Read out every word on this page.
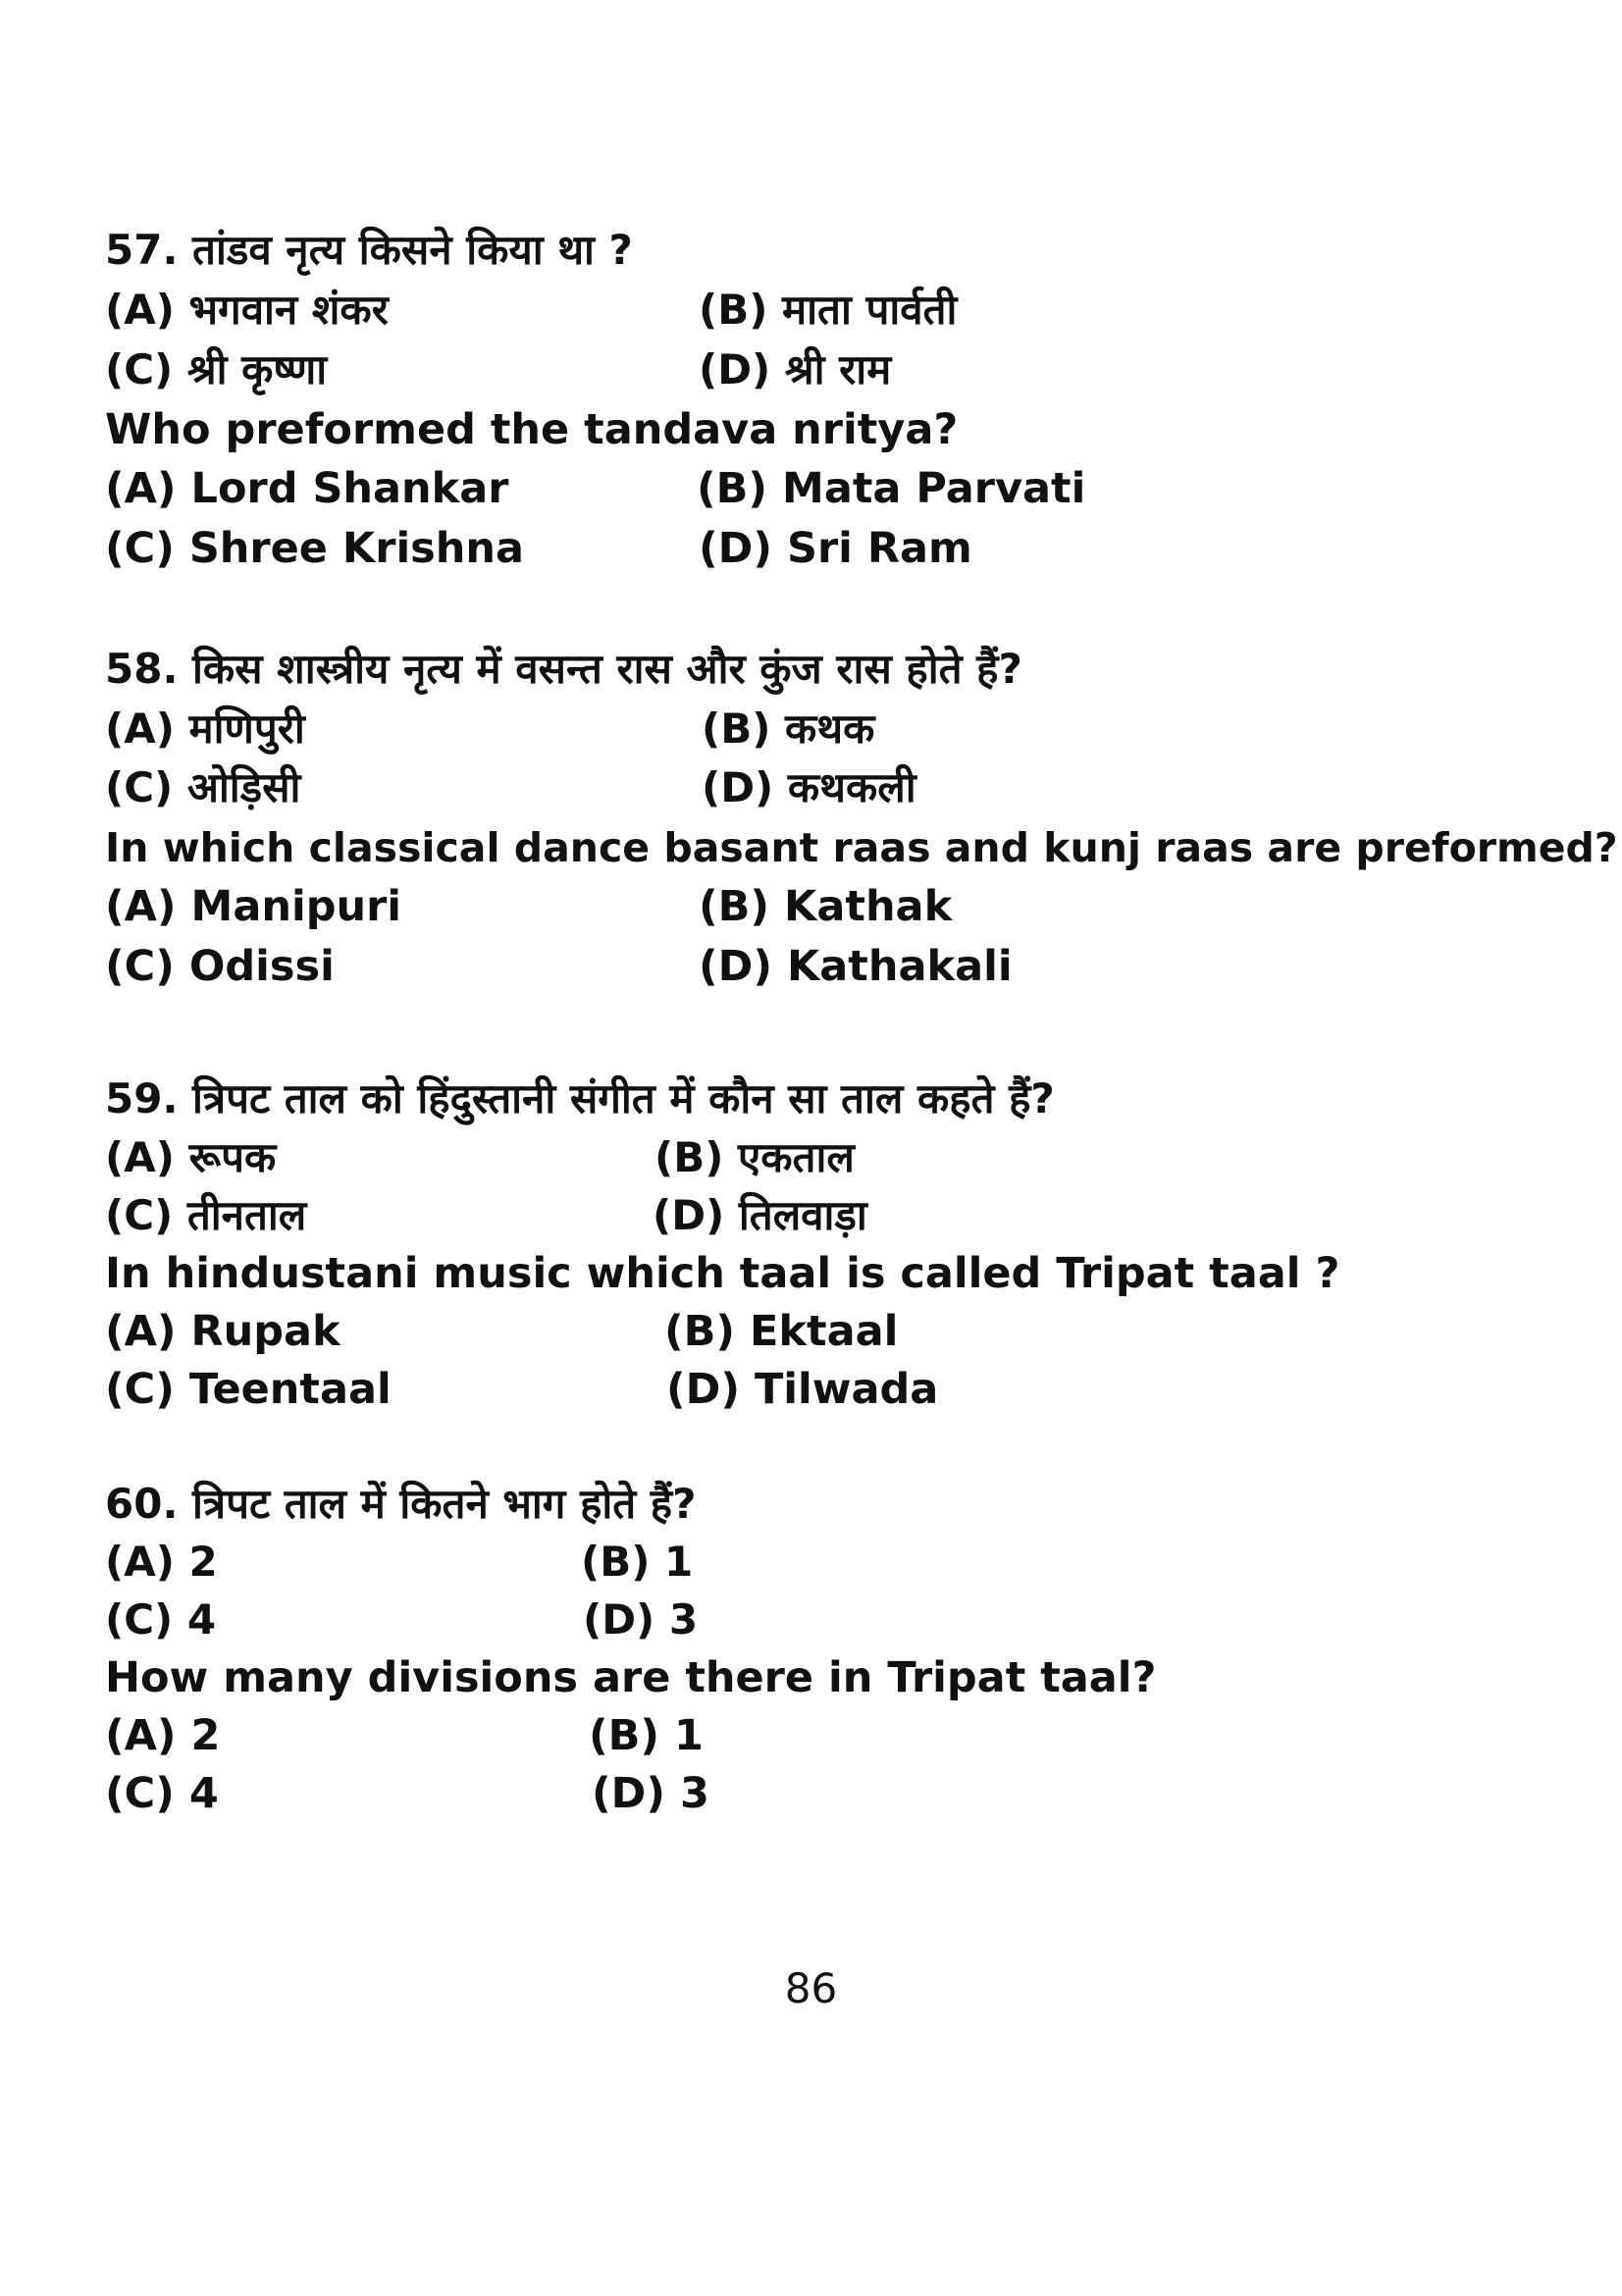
57. तांडव नृत्य किसने किया था ?
(A) भगवान शंकर	(B) माता पार्वती
(C) श्री कृष्णा	(D) श्री राम
Who preformed the tandava nritya?
(A) Lord Shankar	(B) Mata Parvati
(C) Shree Krishna	(D) Sri Ram
58. किस शास्त्रीय नृत्य में वसन्त रास और कुंज रास होते हैं?
(A) मणिपुरी	(B) कथक
(C) ओड़िसी	(D) कथकली
In which classical dance basant raas and kunj raas are preformed?
(A) Manipuri	(B) Kathak
(C) Odissi	(D) Kathakali
59. त्रिपट ताल को हिंदुस्तानी संगीत में कौन सा ताल कहते हैं?
(A) रूपक	(B) एकताल
(C) तीनताल	(D) तिलवाड़ा
In hindustani music which taal is called Tripat taal ?
(A) Rupak	(B) Ektaal
(C) Teentaal	(D) Tilwada
60. त्रिपट ताल में कितने भाग होते हैं?
(A) 2	(B) 1
(C) 4	(D) 3
How many divisions are there in Tripat taal?
(A) 2	(B) 1
(C) 4	(D) 3
86
